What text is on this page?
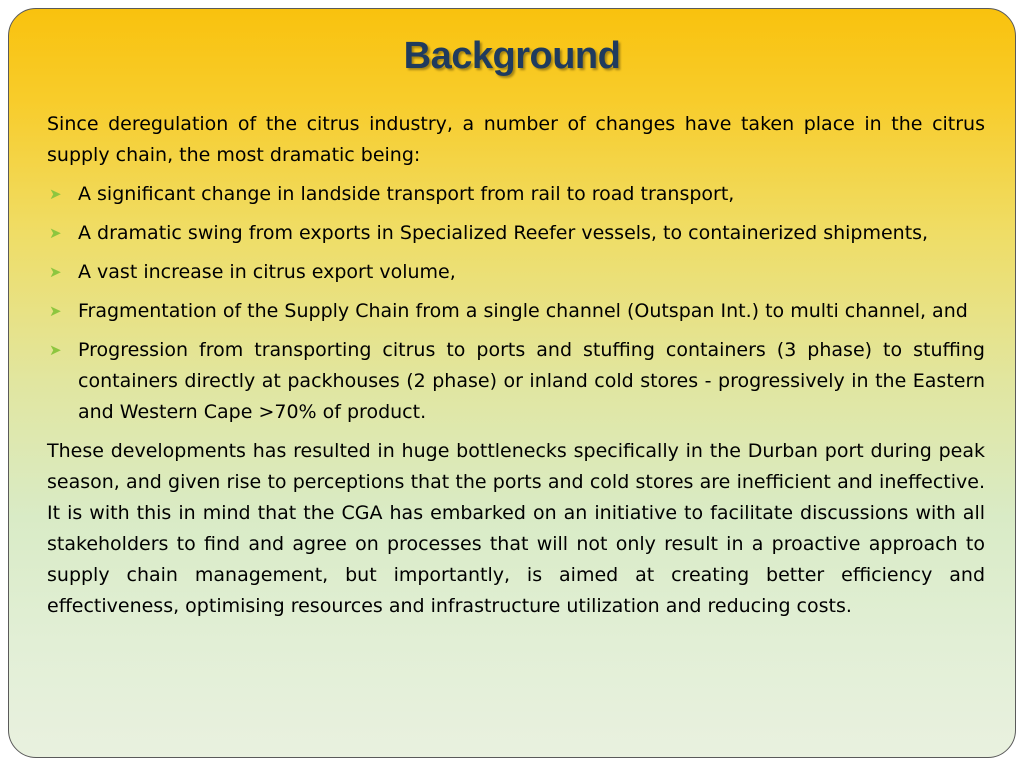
Background

Since deregulation of the citrus industry, a number of changes have taken place in the citrus supply chain, the most dramatic being:

➤ A significant change in landside transport from rail to road transport,
➤ A dramatic swing from exports in Specialized Reefer vessels, to containerized shipments,
➤ A vast increase in citrus export volume,
➤ Fragmentation of the Supply Chain from a single channel (Outspan Int.) to multi channel, and
➤ Progression from transporting citrus to ports and stuffing containers (3 phase) to stuffing containers directly at packhouses (2 phase) or inland cold stores - progressively in the Eastern and Western Cape >70% of product.

These developments has resulted in huge bottlenecks specifically in the Durban port during peak season, and given rise to perceptions that the ports and cold stores are inefficient and ineffective. It is with this in mind that the CGA has embarked on an initiative to facilitate discussions with all stakeholders to find and agree on processes that will not only result in a proactive approach to supply chain management, but importantly, is aimed at creating better efficiency and effectiveness, optimising resources and infrastructure utilization and reducing costs.
